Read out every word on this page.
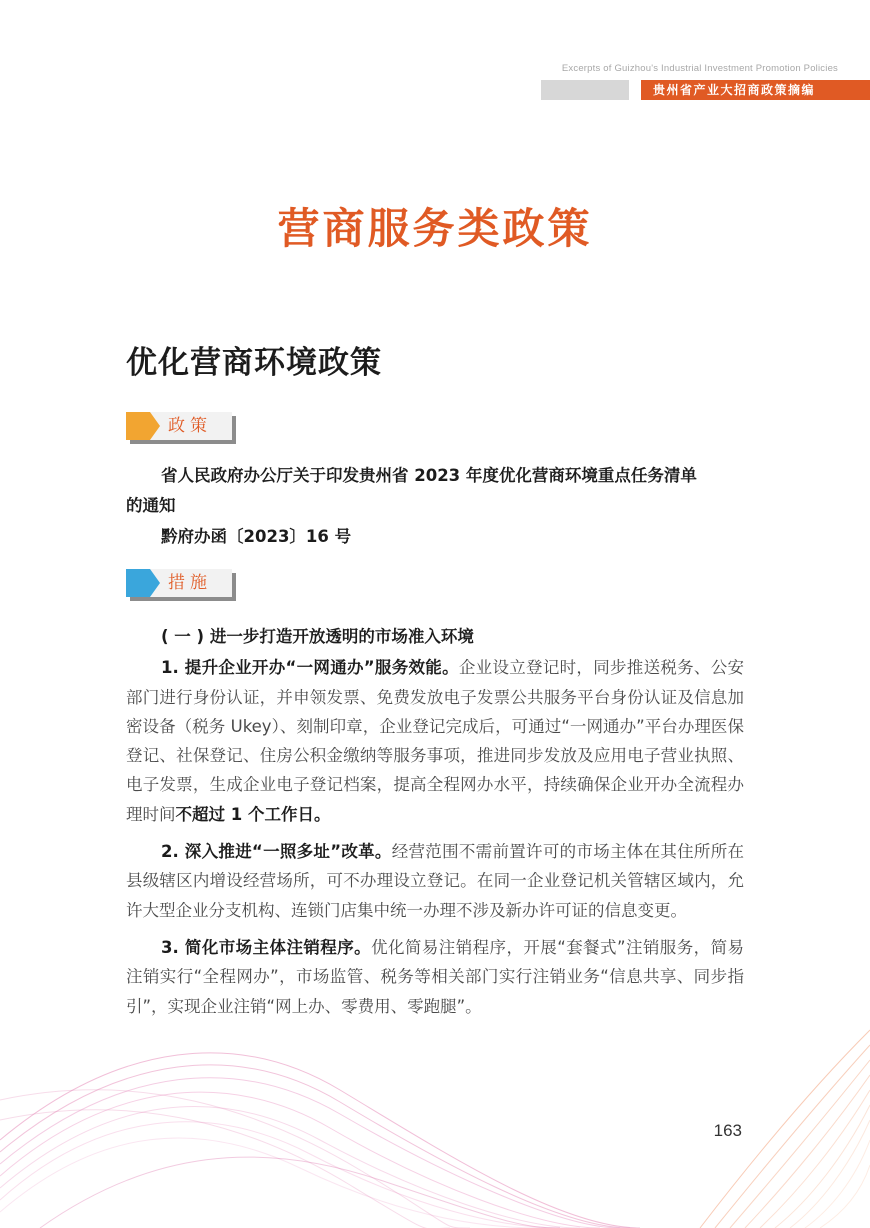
Excerpts of Guizhou's Industrial Investment Promotion Policies
贵州省产业大招商政策摘编
营商服务类政策
优化营商环境政策
政策
省人民政府办公厅关于印发贵州省 2023 年度优化营商环境重点任务清单
的通知
黔府办函〔2023〕16 号
措施
( 一 ) 进一步打造开放透明的市场准入环境

1. 提升企业开办“一网通办”服务效能。企业设立登记时，同步推送税务、公安部门进行身份认证，并申领发票、免费发放电子发票公共服务平台身份认证及信息加密设备（税务 Ukey）、刻制印章，企业登记完成后，可通过“一网通办”平台办理医保登记、社保登记、住房公积金缴纳等服务事项，推进同步发放及应用电子营业执照、电子发票，生成企业电子登记档案，提高全程网办水平，持续确保企业开办全流程办理时间不超过 1 个工作日。

2. 深入推进“一照多址”改革。经营范围不需前置许可的市场主体在其住所所在县级辖区内增设经营场所，可不办理设立登记。在同一企业登记机关管辖区域内，允许大型企业分支机构、连锁门店集中统一办理不涉及新办许可证的信息变更。

3. 简化市场主体注销程序。优化简易注销程序，开展“套餐式”注销服务，简易注销实行“全程网办”，市场监管、税务等相关部门实行注销业务“信息共享、同步指引”，实现企业注销“网上办、零费用、零跑腿”。

163
